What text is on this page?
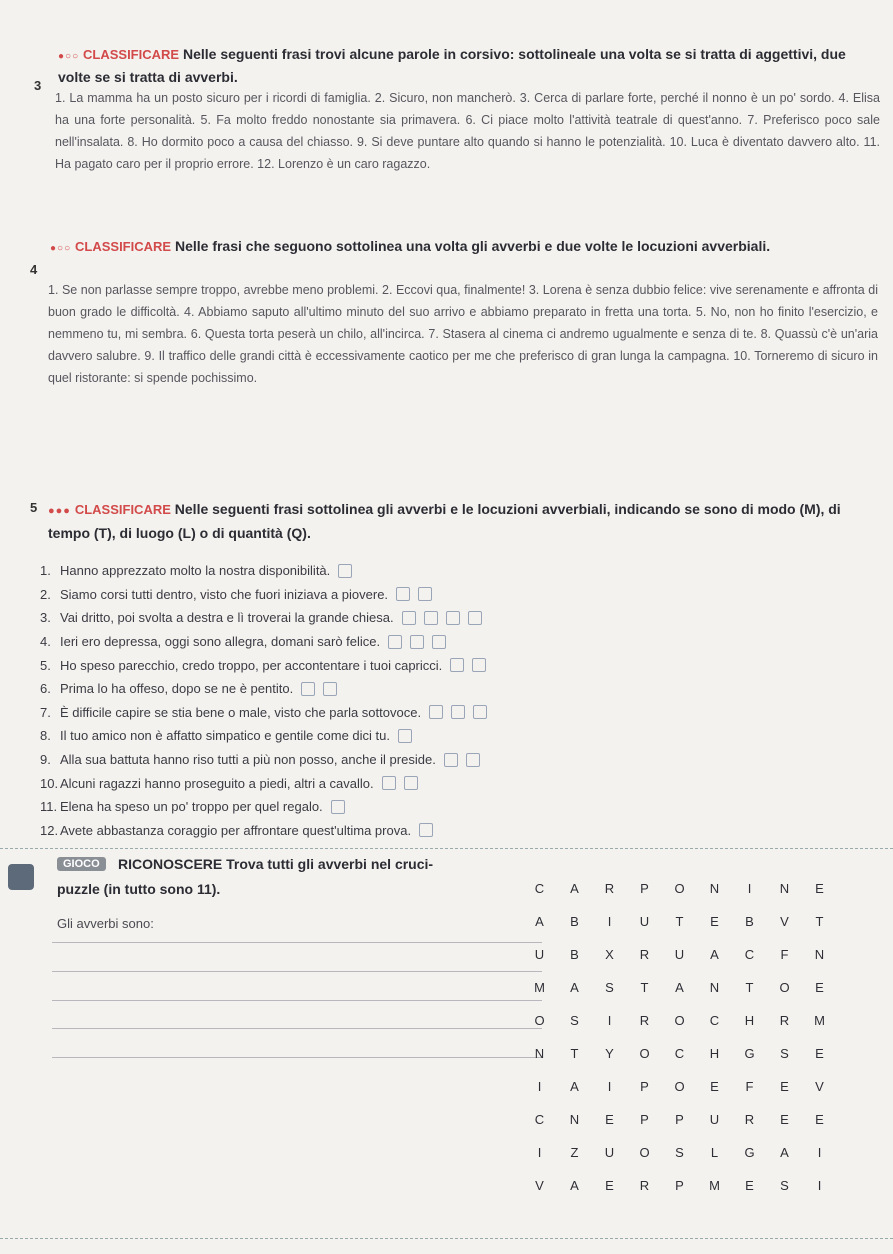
3
●○○ CLASSIFICARE Nelle seguenti frasi trovi alcune parole in corsivo: sottolineale una volta se si tratta di aggettivi, due volte se si tratta di avverbi.
1. La mamma ha un posto sicuro per i ricordi di famiglia. 2. Sicuro, non mancherò. 3. Cerca di parlare forte, perché il nonno è un po' sordo. 4. Elisa ha una forte personalità. 5. Fa molto freddo nonostante sia primavera. 6. Ci piace molto l'attività teatrale di quest'anno. 7. Preferisco poco sale nell'insalata. 8. Ho dormito poco a causa del chiasso. 9. Si deve puntare alto quando si hanno le potenzialità. 10. Luca è diventato davvero alto. 11. Ha pagato caro per il proprio errore. 12. Lorenzo è un caro ragazzo.
4
●○○ CLASSIFICARE Nelle frasi che seguono sottolinea una volta gli avverbi e due volte le locuzioni avverbiali.
1. Se non parlasse sempre troppo, avrebbe meno problemi. 2. Eccovi qua, finalmente! 3. Lorena è senza dubbio felice: vive serenamente e affronta di buon grado le difficoltà. 4. Abbiamo saputo all'ultimo minuto del suo arrivo e abbiamo preparato in fretta una torta. 5. No, non ho finito l'esercizio, e nemmeno tu, mi sembra. 6. Questa torta peserà un chilo, all'incirca. 7. Stasera al cinema ci andremo ugualmente e senza di te. 8. Quassù c'è un'aria davvero salubre. 9. Il traffico delle grandi città è eccessivamente caotico per me che preferisco di gran lunga la campagna. 10. Torneremo di sicuro in quel ristorante: si spende pochissimo.
5 ●●● CLASSIFICARE Nelle seguenti frasi sottolinea gli avverbi e le locuzioni avverbiali, indicando se sono di modo (M), di tempo (T), di luogo (L) o di quantità (Q).
1. Hanno apprezzato molto la nostra disponibilità.
2. Siamo corsi tutti dentro, visto che fuori iniziava a piovere.
3. Vai dritto, poi svolta a destra e lì troverai la grande chiesa.
4. Ieri ero depressa, oggi sono allegra, domani sarò felice.
5. Ho speso parecchio, credo troppo, per accontentare i tuoi capricci.
6. Prima lo ha offeso, dopo se ne è pentito.
7. È difficile capire se stia bene o male, visto che parla sottovoce.
8. Il tuo amico non è affatto simpatico e gentile come dici tu.
9. Alla sua battuta hanno riso tutti a più non posso, anche il preside.
10. Alcuni ragazzi hanno proseguito a piedi, altri a cavallo.
11. Elena ha speso un po' troppo per quel regalo.
12. Avete abbastanza coraggio per affrontare quest'ultima prova.
GIOCO	RICONOSCERE Trova tutti gli avverbi nel cruci-
puzzle (in tutto sono 11).
Gli avverbi sono:
C	A	R	P	O	N	I	N	E
A	B	I	U	T	E	B	V	T
U	B	X	R	U	A	C	F	N
M	A	S	T	A	N	T	O	E
O	S	I	R	O	C	H	R	M
N	T	Y	O	C	H	G	S	E
I	A	I	P	O	E	F	E	V
C	N	E	P	P	U	R	E	E
I	Z	U	O	S	L	G	A	I
V	A	E	R	P	M	E	S	I
